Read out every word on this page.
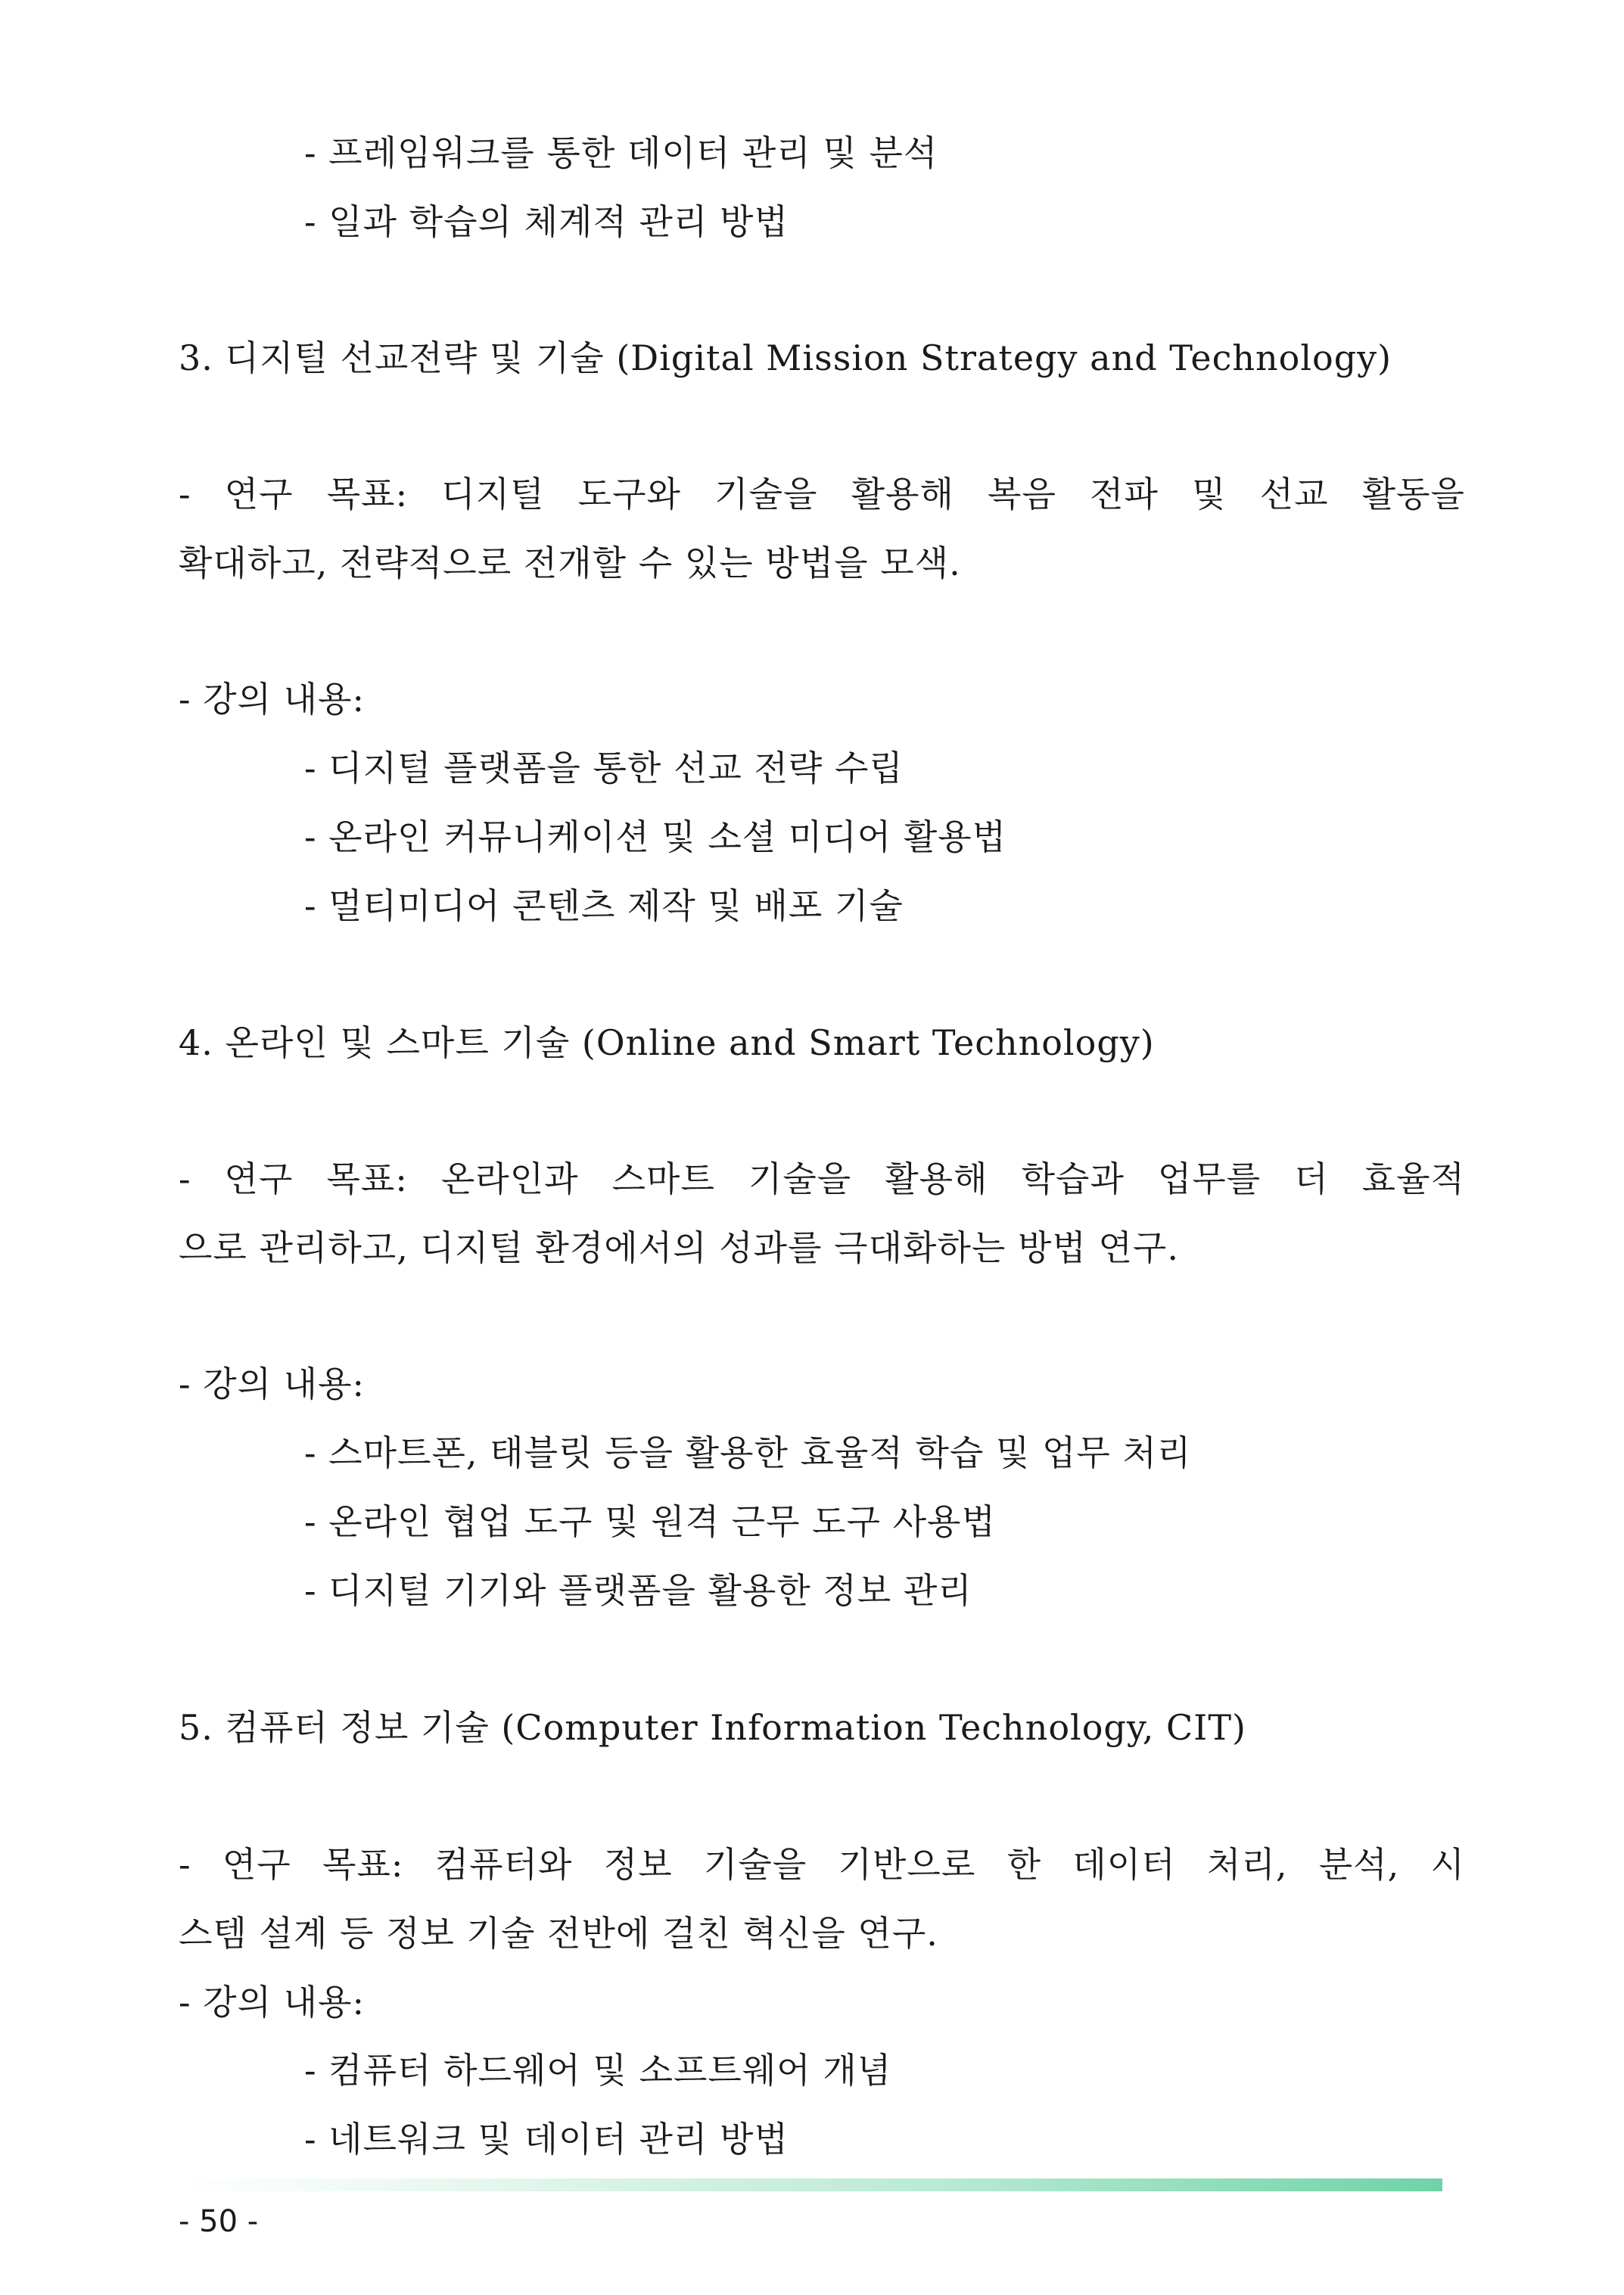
- 프레임워크를 통한 데이터 관리 및 분석
- 일과 학습의 체계적 관리 방법
3. 디지털 선교전략 및 기술 (Digital Mission Strategy and Technology)
- 연구 목표: 디지털 도구와 기술을 활용해 복음 전파 및 선교 활동을
확대하고, 전략적으로 전개할 수 있는 방법을 모색.
- 강의 내용:
- 디지털 플랫폼을 통한 선교 전략 수립
- 온라인 커뮤니케이션 및 소셜 미디어 활용법
- 멀티미디어 콘텐츠 제작 및 배포 기술
4. 온라인 및 스마트 기술 (Online and Smart Technology)
- 연구 목표: 온라인과 스마트 기술을 활용해 학습과 업무를 더 효율적
으로 관리하고, 디지털 환경에서의 성과를 극대화하는 방법 연구.
- 강의 내용:
- 스마트폰, 태블릿 등을 활용한 효율적 학습 및 업무 처리
- 온라인 협업 도구 및 원격 근무 도구 사용법
- 디지털 기기와 플랫폼을 활용한 정보 관리
5. 컴퓨터 정보 기술 (Computer Information Technology, CIT)
- 연구 목표: 컴퓨터와 정보 기술을 기반으로 한 데이터 처리, 분석, 시
스템 설계 등 정보 기술 전반에 걸친 혁신을 연구.
- 강의 내용:
- 컴퓨터 하드웨어 및 소프트웨어 개념
- 네트워크 및 데이터 관리 방법
- 50 -
